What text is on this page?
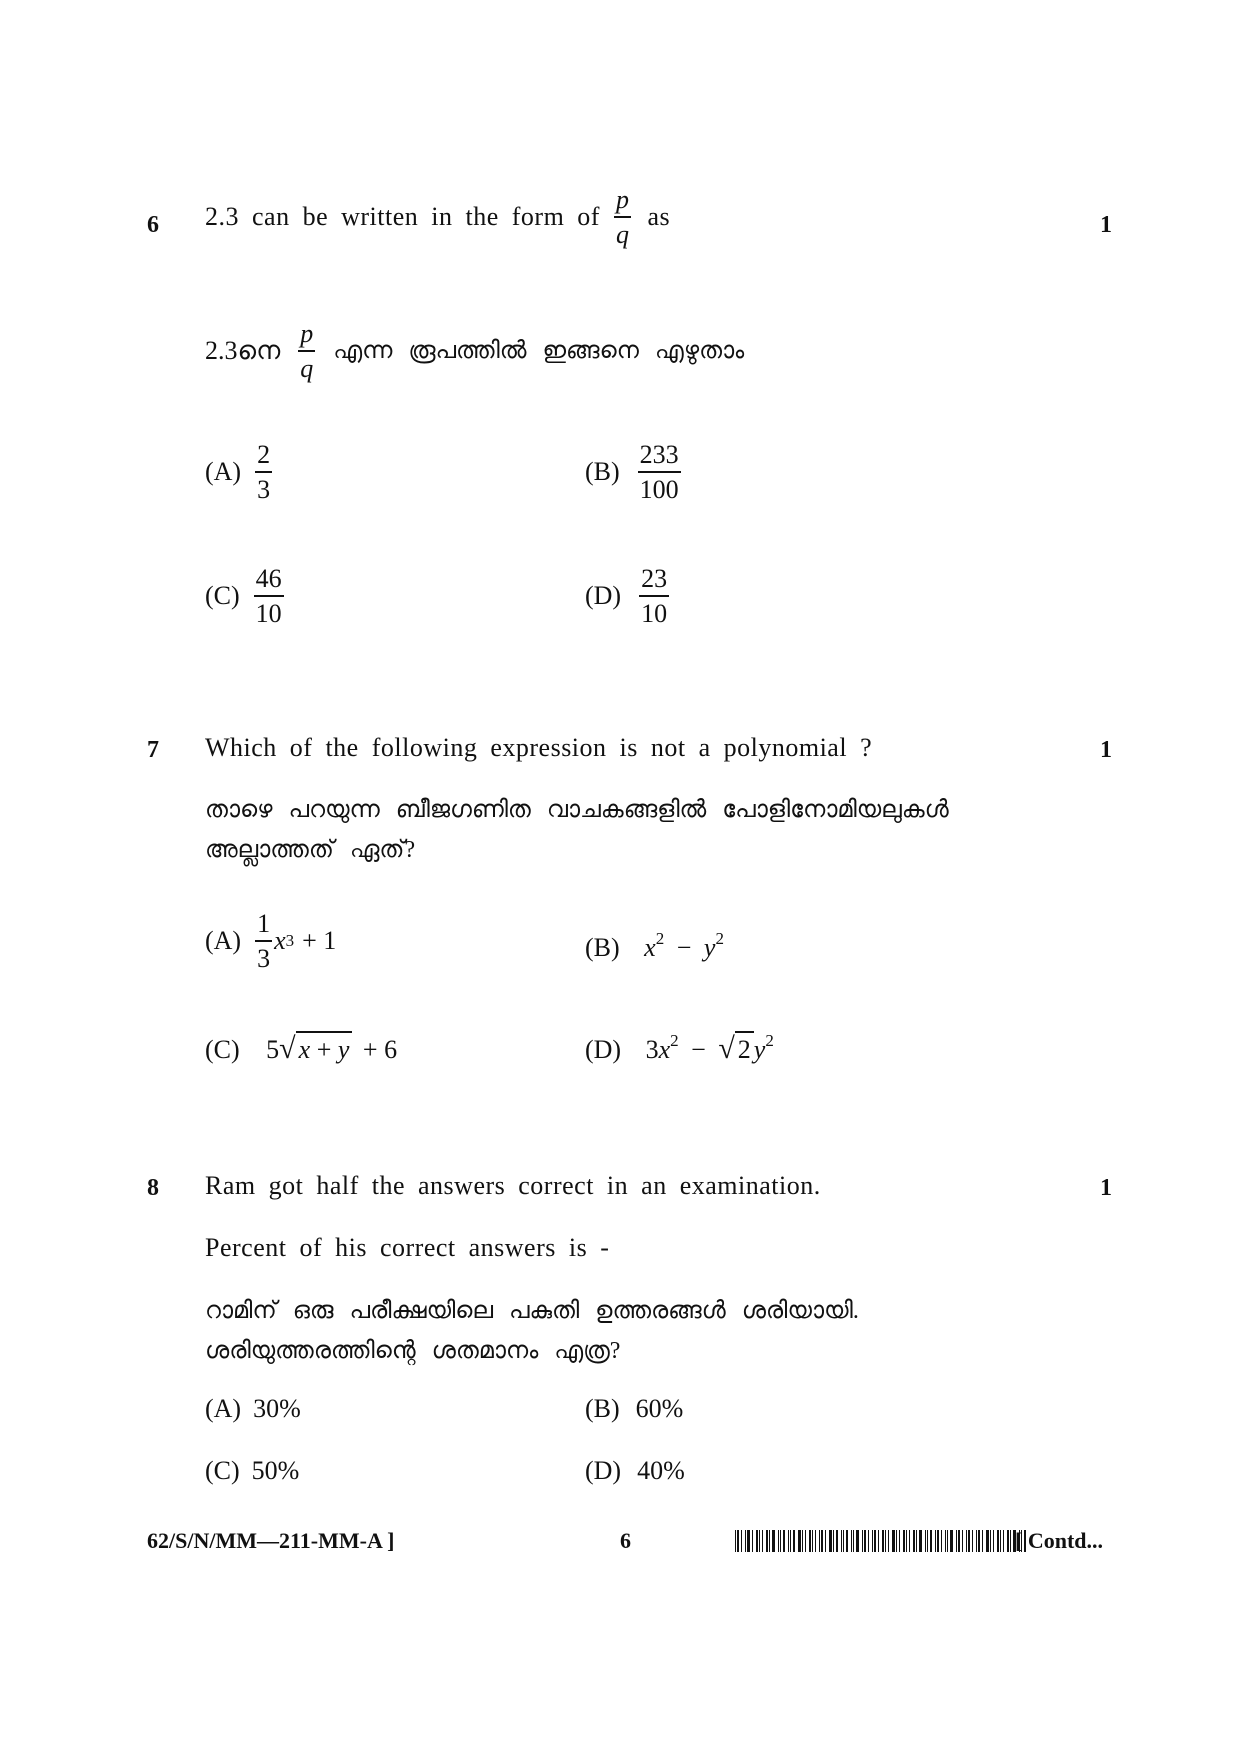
6 2.3 can be written in the form of $\frac{p}{q}$ as	1
2.3നെ $\frac{p}{q}$ എന്ന രൂപത്തിൽ ഇങ്ങനെ എഴുതാം
$(A) \frac{2}{3}$	$(B) \frac{233}{100}$
$(C) \frac{46}{10}$	$(D) \frac{23}{10}$
7 Which of the following expression is not a polynomial ?	1
താഴെ പറയുന്ന ബീജഗണിത വാചകങ്ങളിൽ പോളിനോമിയലുകൾ
അല്ലാത്തത് ഏത്?
$(A) \frac{1}{3}$ x 3 + 1	(B) $x^2 - y^2$
(C) 5√ x + y + 6	(D) $3x^2$ − √ 2 $y^2$
8 Ram got half the answers correct in an examination.	1
Percent of his correct answers is -
റാമിന് ഒരു പരീക്ഷയിലെ പകുതി ഉത്തരങ്ങൾ ശരിയായി.
ശരിയുത്തരത്തിന്റെ ശതമാനം എത്ര?
(A) 30%	(B) 60%
(C) 50%	(D) 40%
62/S/N/MM—211-MM-A ]	6	[ Contd...
